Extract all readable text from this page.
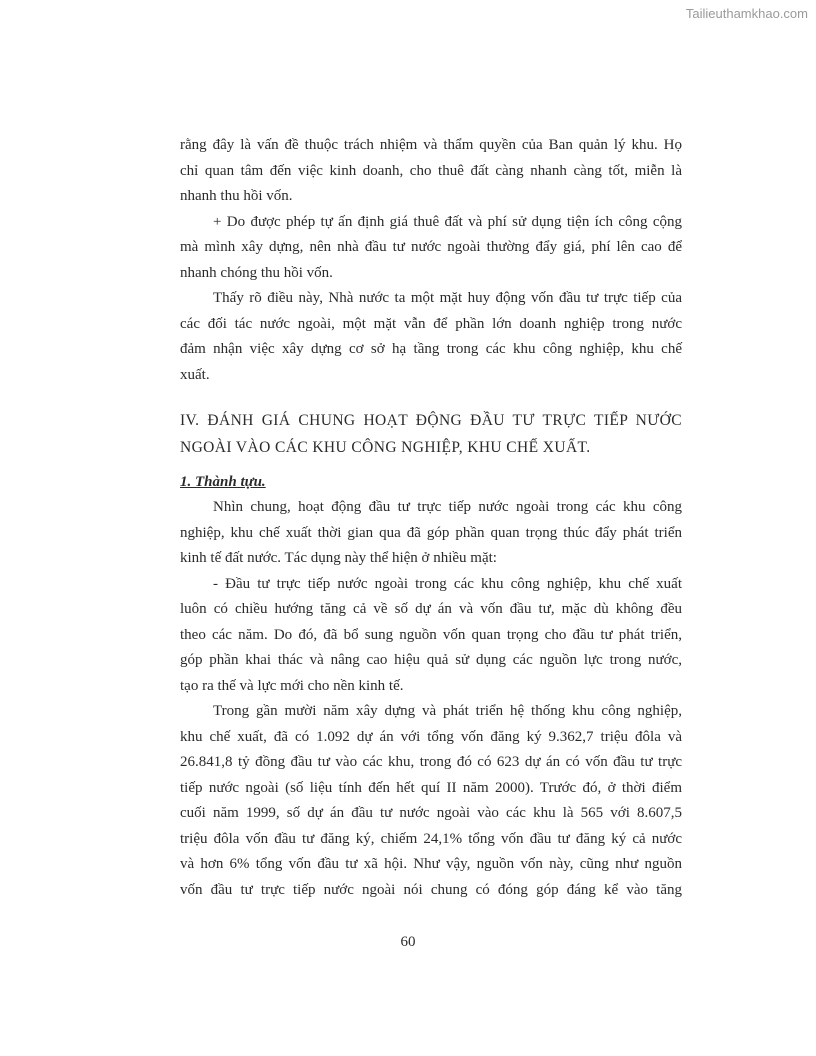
Tailieuthamkhao.com

rằng đây là vấn đề thuộc trách nhiệm và thẩm quyền của Ban quản lý khu. Họ
chỉ quan tâm đến việc kinh doanh, cho thuê đất càng nhanh càng tốt, miễn là
nhanh thu hồi vốn.

+ Do được phép tự ấn định giá thuê đất và phí sử dụng tiện ích công cộng
mà mình xây dựng, nên nhà đầu tư nước ngoài thường đẩy giá, phí lên cao để
nhanh chóng thu hồi vốn.

Thấy rõ điều này, Nhà nước ta một mặt huy động vốn đầu tư trực tiếp của
các đối tác nước ngoài, một mặt vẫn để phần lớn doanh nghiệp trong nước
đảm nhận việc xây dựng cơ sở hạ tầng trong các khu công nghiệp, khu chế
xuất.

IV. ĐÁNH GIÁ CHUNG HOẠT ĐỘNG ĐẦU TƯ TRỰC TIẾP NƯỚC
NGOÀI VÀO CÁC KHU CÔNG NGHIỆP, KHU CHẾ XUẤT.

1. Thành tựu.

Nhìn chung, hoạt động đầu tư trực tiếp nước ngoài trong các khu công
nghiệp, khu chế xuất thời gian qua đã góp phần quan trọng thúc đẩy phát triển
kinh tế đất nước. Tác dụng này thể hiện ở nhiều mặt:

- Đầu tư trực tiếp nước ngoài trong các khu công nghiệp, khu chế xuất
luôn có chiều hướng tăng cả về số dự án và vốn đầu tư, mặc dù không đều
theo các năm. Do đó, đã bổ sung nguồn vốn quan trọng cho đầu tư phát triển,
góp phần khai thác và nâng cao hiệu quả sử dụng các nguồn lực trong nước,
tạo ra thế và lực mới cho nền kinh tế.

Trong gần mười năm xây dựng và phát triển hệ thống khu công nghiệp,
khu chế xuất, đã có 1.092 dự án với tổng vốn đăng ký 9.362,7 triệu đôla và
26.841,8 tỷ đồng đầu tư vào các khu, trong đó có 623 dự án có vốn đầu tư trực
tiếp nước ngoài (số liệu tính đến hết quí II năm 2000). Trước đó, ở thời điểm
cuối năm 1999, số dự án đầu tư nước ngoài vào các khu là 565 với 8.607,5
triệu đôla vốn đầu tư đăng ký, chiếm 24,1% tổng vốn đầu tư đăng ký cả nước
và hơn 6% tổng vốn đầu tư xã hội. Như vậy, nguồn vốn này, cũng như nguồn
vốn đầu tư trực tiếp nước ngoài nói chung có đóng góp đáng kể vào tăng

60
